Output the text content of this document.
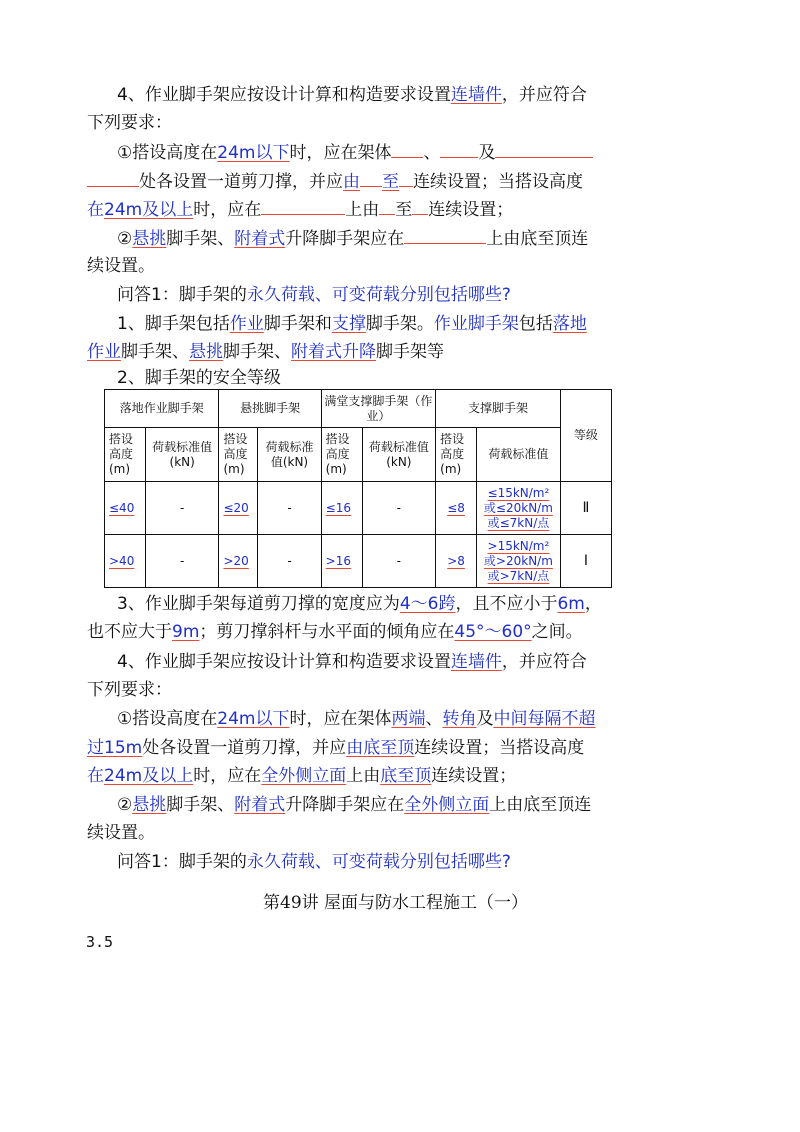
4、作业脚手架应按设计计算和构造要求设置连墙件，并应符合
下列要求：
①搭设高度在24m以下时，应在架体 、 及
处各设置一道剪刀撑，并应由 至 连续设置；当搭设高度
在24m及以上时，应在	上由 至 连续设置；
②悬挑脚手架、附着式升降脚手架应在	上由底至顶连
续设置。
问答1：脚手架的永久荷载、可变荷载分别包括哪些?
1、脚手架包括作业脚手架和支撑脚手架。作业脚手架包括落地
作业脚手架、悬挑脚手架、附着式升降脚手架等
2、脚手架的安全等级
落地作业脚手架		悬挑脚手架		满堂支撑脚手架（作业）		支撑脚手架		等级
搭设高度(m)	荷载标准值(kN)	搭设高度(m)	荷载标准值(kN)	搭设高度(m)	荷载标准值(kN)	搭设高度(m)	荷载标准值	
≤40	-	≤20	-	≤16	-	≤8	≤15kN/m²
或≤20kN/m
或≤7kN/点	Ⅱ
>40	-	>20	-	>16	-	>8	>15kN/m²
或>20kN/m
或>7kN/点	Ⅰ
3、作业脚手架每道剪刀撑的宽度应为4～6跨，且不应小于6m，
也不应大于9m；剪刀撑斜杆与水平面的倾角应在45°～60°之间。
4、作业脚手架应按设计计算和构造要求设置连墙件，并应符合
下列要求：
①搭设高度在24m以下时，应在架体两端、转角及中间每隔不超
过15m处各设置一道剪刀撑，并应由底至顶连续设置；当搭设高度
在24m及以上时，应在全外侧立面上由底至顶连续设置；
②悬挑脚手架、附着式升降脚手架应在全外侧立面上由底至顶连
续设置。
问答1：脚手架的永久荷载、可变荷载分别包括哪些?
第49讲 屋面与防水工程施工（一）
3.5
